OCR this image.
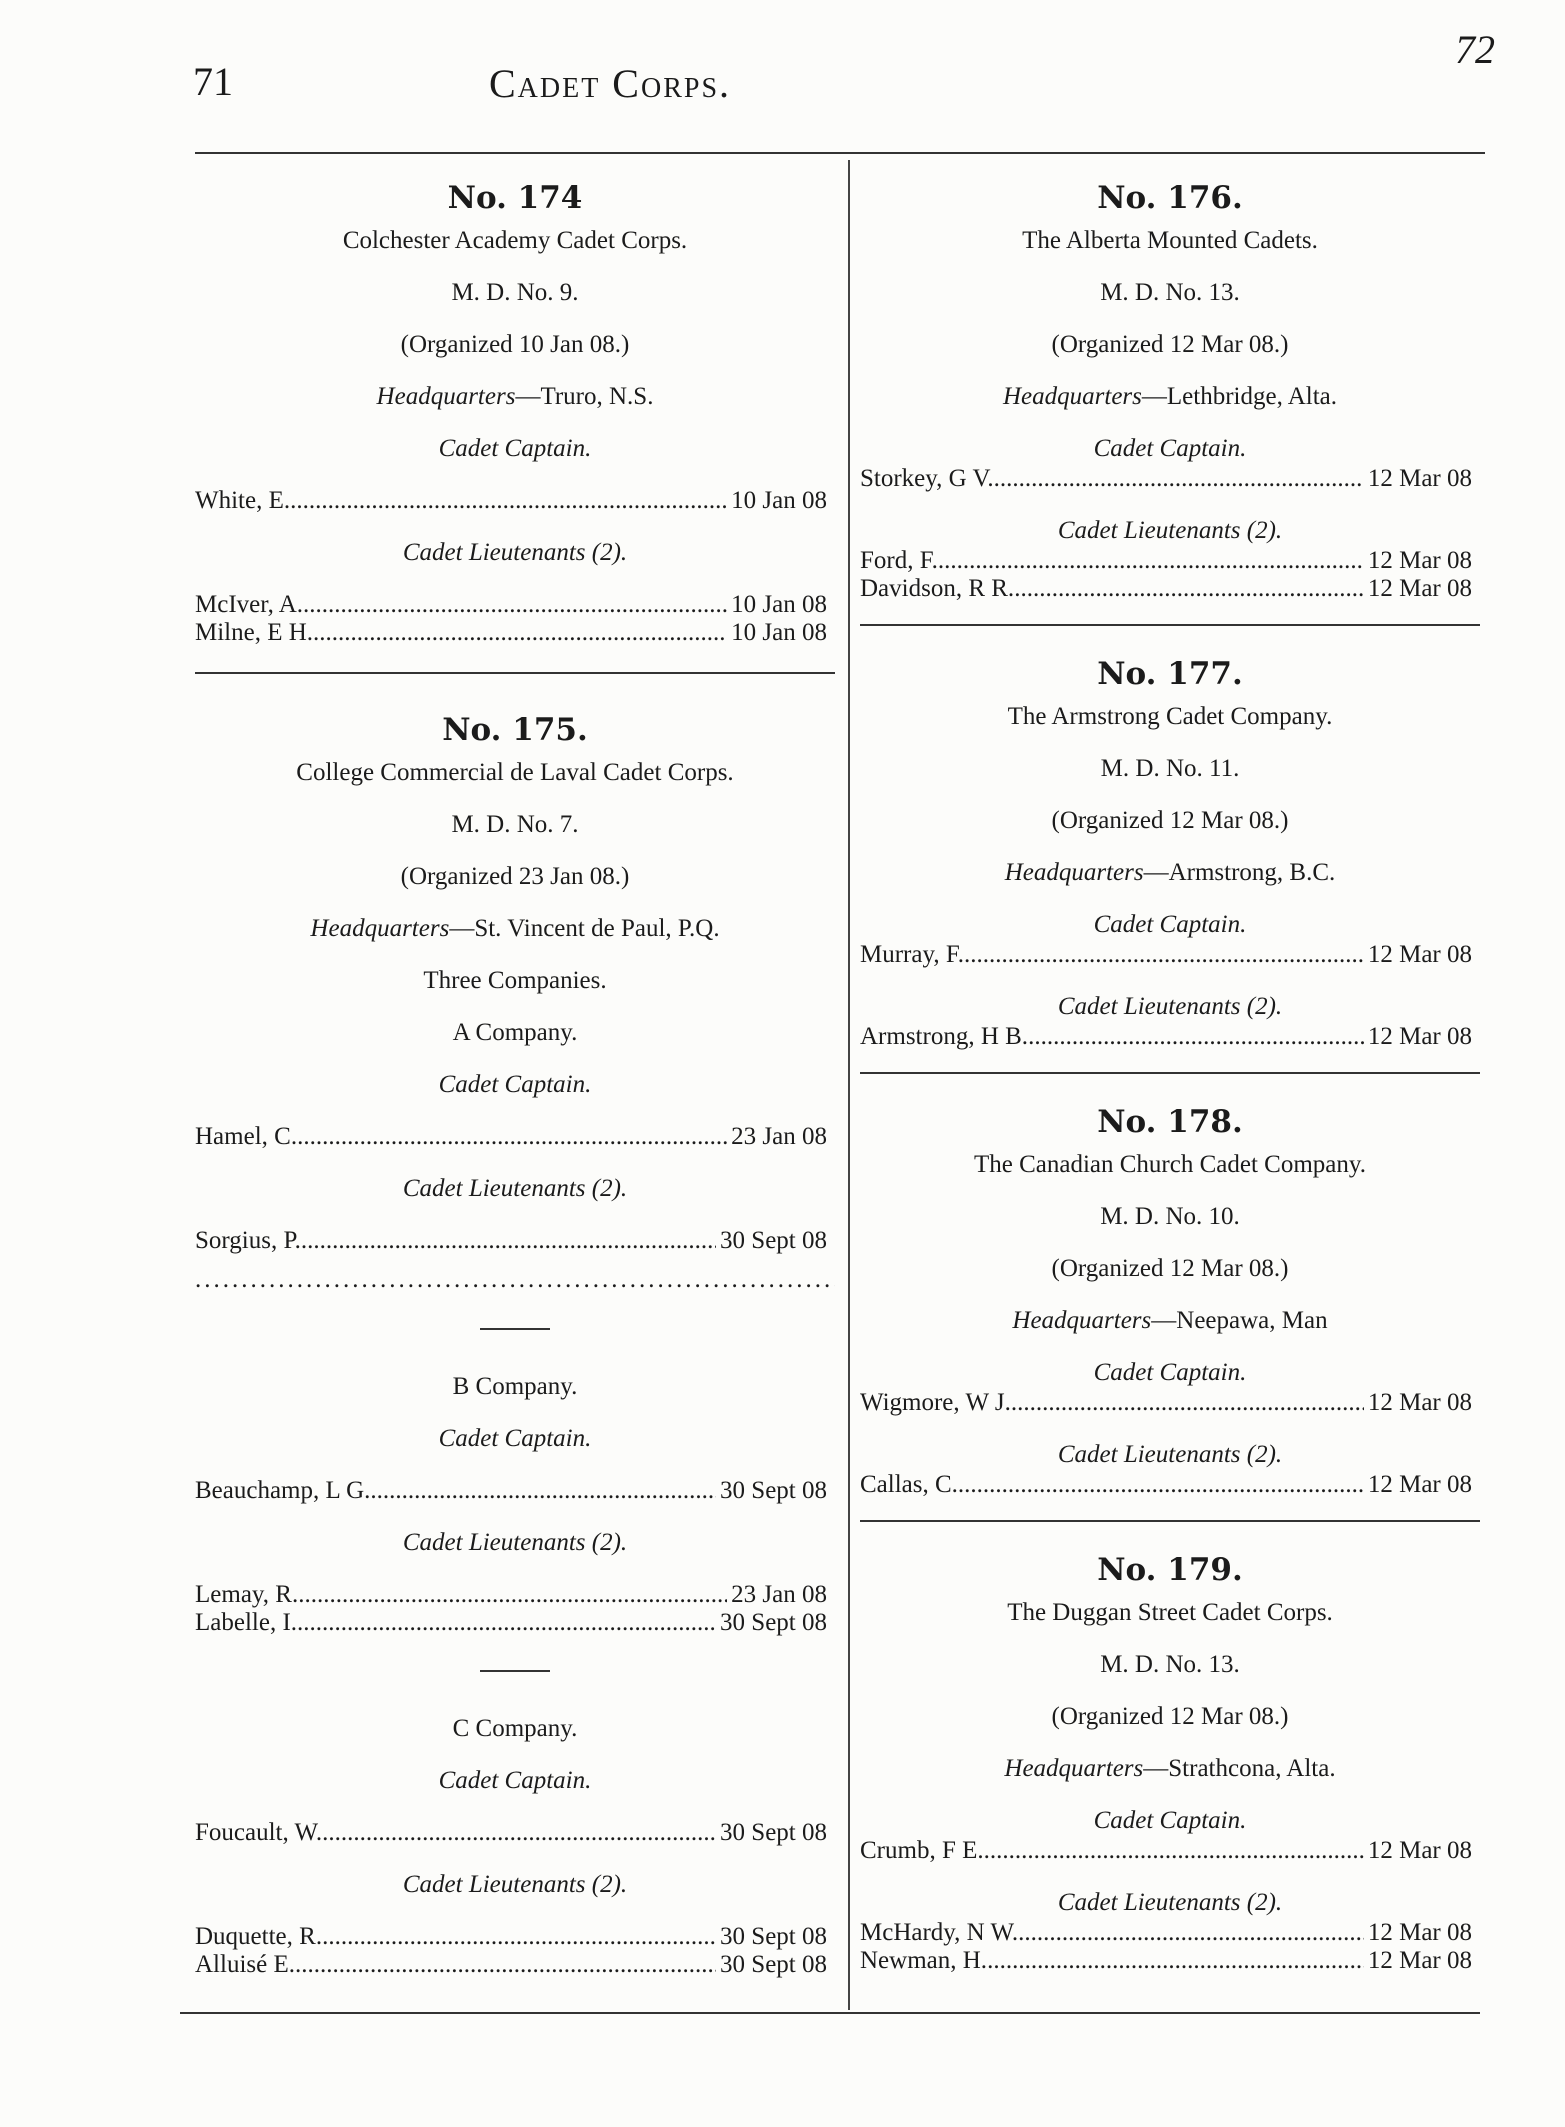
71	Cadet Corps.
72
No. 174
Colchester Academy Cadet Corps.
M. D. No. 9.
(Organized 10 Jan 08.)
Headquarters—Truro, N.S.
Cadet Captain.
White, E. .....	10 Jan 08
Cadet Lieutenants (2).
McIver, A. .....	10 Jan 08
Milne, E H. .....	10 Jan 08
No. 175.
College Commercial de Laval Cadet Corps.
M. D. No. 7.
(Organized 23 Jan 08.)
Headquarters—St. Vincent de Paul, P.Q.
Three Companies.
A Company.
Cadet Captain.
Hamel, C. .....	23 Jan 08
Cadet Lieutenants (2).
Sorgius, P. .....	30 Sept 08
.....
B Company.
Cadet Captain.
Beauchamp, L G. .....	30 Sept 08
Cadet Lieutenants (2).
Lemay, R.. .....	23 Jan 08
Labelle, I. .....	30 Sept 08
C Company.
Cadet Captain.
Foucault, W. .....	30 Sept 08
Cadet Lieutenants (2).
Duquette, R. .....	30 Sept 08
Alluisé E. .....	30 Sept 08
No. 176.
The Alberta Mounted Cadets.
M. D. No. 13.
(Organized 12 Mar 08.)
Headquarters—Lethbridge, Alta.
Cadet Captain.
Storkey, G V. .....	12 Mar 08
Cadet Lieutenants (2).
Ford, F. .....	12 Mar 08
Davidson, R R. .....	12 Mar 08
No. 177.
The Armstrong Cadet Company.
M. D. No. 11.
(Organized 12 Mar 08.)
Headquarters—Armstrong, B.C.
Cadet Captain.
Murray, F. .....	12 Mar 08
Cadet Lieutenants (2).
Armstrong, H B. .....	12 Mar 08
No. 178.
The Canadian Church Cadet Company.
M. D. No. 10.
(Organized 12 Mar 08.)
Headquarters—Neepawa, Man
Cadet Captain.
Wigmore, W J. .....	12 Mar 08
Cadet Lieutenants (2).
Callas, C. .....	12 Mar 08
No. 179.
The Duggan Street Cadet Corps.
M. D. No. 13.
(Organized 12 Mar 08.)
Headquarters—Strathcona, Alta.
Cadet Captain.
Crumb, F E. .....	12 Mar 08
Cadet Lieutenants (2).
McHardy, N W. .....	12 Mar 08
Newman, H. .....	12 Mar 08
